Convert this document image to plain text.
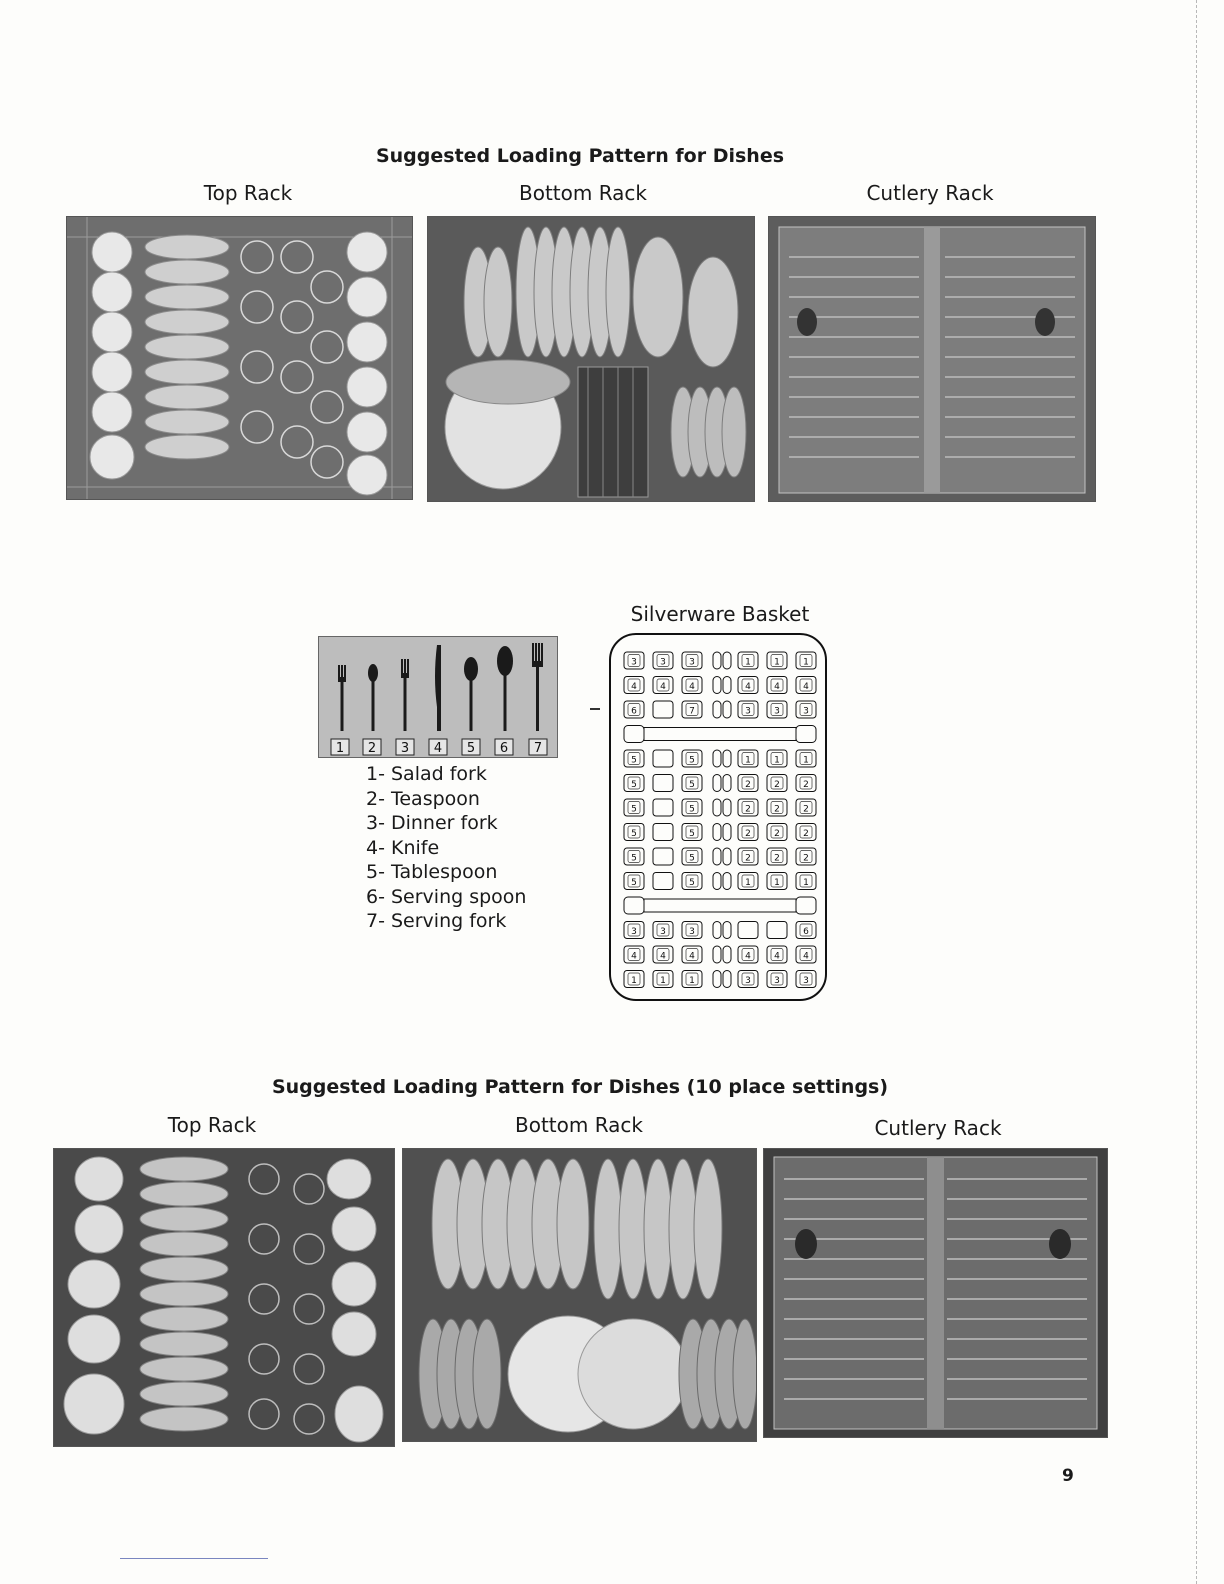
Suggested Loading Pattern for Dishes
Top Rack	Bottom Rack	Cutlery Rack
Silverware Basket
1 2 3 4 5 6 7
1- Salad fork
2- Teaspoon
3- Dinner fork
4- Knife
5- Tablespoon
6- Serving spoon
7- Serving fork
3	3	3	1	1	1
4	4	4	4	4	4
6	7	3	3	3
5	5	1	1	1
5	5	2	2	2
5	5	2	2	2
5	5	2	2	2
5	5	2	2	2
5	5	1	1	1
3	3	3	6
4	4	4	4	4	4
1	1	1	3	3	3
Suggested Loading Pattern for Dishes (10 place settings)
Top Rack	Bottom Rack	Cutlery Rack
9
